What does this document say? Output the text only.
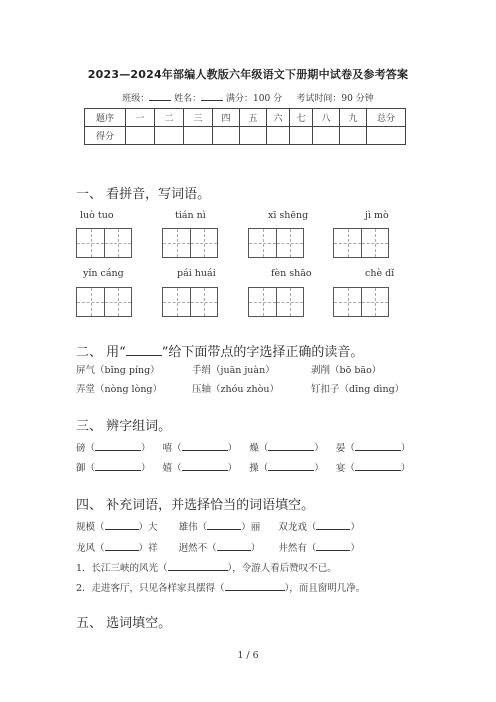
2023—2024年部编人教版六年级语文下册期中试卷及参考答案
班级：	姓名：	满分：100 分 考试时间：90 分钟
题序	一	二	三	四	五	六	七	八	九	总分
得分										
一、 看拼音，写词语。
luò tuo	tián nì	xī shēng	jì mò
yǐn cáng	pái huái	fèn shāo	chè dǐ
二、 用“	”给下面带点的字选择正确的读音。
屏气（bǐng píng）	手绢（juān juàn）	剥削（bō bāo）
弄堂（nòng lòng）	压轴（zhóu zhòu）	钉扣子（dīng dìng）
三、 辨字组词。
磅（	） 嘻（	） 燥（	） 晏（	）
御（	） 嬉（	） 操（	） 宴（	）
四、 补充词语，并选择恰当的词语填空。
规模（	）大 雄伟（	）丽 双龙戏（	）
龙风（	）祥 迥然不（	） 井然有（	）
1．长江三峡的风光（	），令游人看后赞叹不已。
2．走进客厅，只见各样家具摆得（	），而且窗明几净。
五、 选词填空。
1 / 6
